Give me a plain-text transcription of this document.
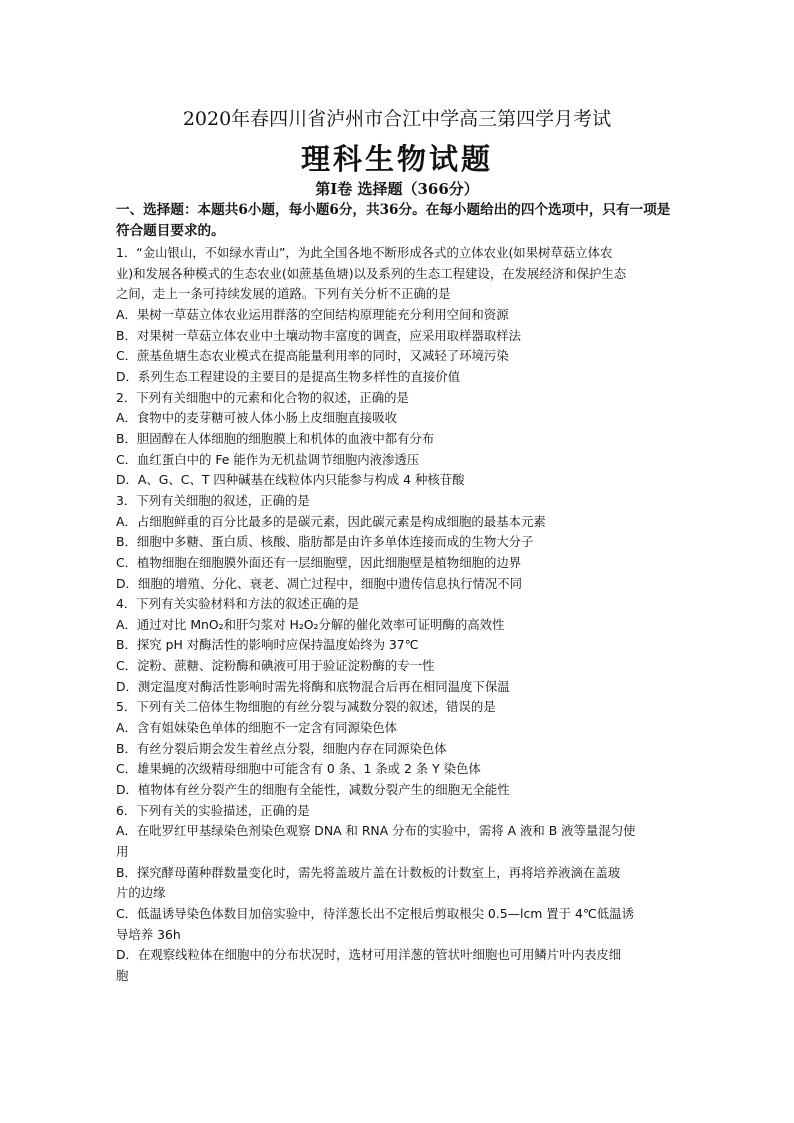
2020年春四川省泸州市合江中学高三第四学月考试
理科生物试题
第I卷 选择题（366分）
一、选择题：本题共6小题，每小题6分，共36分。在每小题给出的四个选项中，只有一项是符合题目要求的。
1．“金山银山，不如绿水青山”，为此全国各地不断形成各式的立体农业(如果树草菇立体农
业)和发展各种模式的生态农业(如蔗基鱼塘)以及系列的生态工程建设，在发展经济和保护生态
之间，走上一条可持续发展的道路。下列有关分析不正确的是
A．果树一草菇立体农业运用群落的空间结构原理能充分利用空间和资源
B．对果树一草菇立体农业中土壤动物丰富度的调查，应采用取样器取样法
C．蔗基鱼塘生态农业模式在提高能量利用率的同时，又减轻了环境污染
D．系列生态工程建设的主要目的是提高生物多样性的直接价值
2．下列有关细胞中的元素和化合物的叙述，正确的是
A．食物中的麦芽糖可被人体小肠上皮细胞直接吸收
B．胆固醇在人体细胞的细胞膜上和机体的血液中都有分布
C．血红蛋白中的 Fe 能作为无机盐调节细胞内液渗透压
D．A、G、C、T 四种碱基在线粒体内只能参与构成 4 种核苷酸
3．下列有关细胞的叙述，正确的是
A．占细胞鲜重的百分比最多的是碳元素，因此碳元素是构成细胞的最基本元素
B．细胞中多糖、蛋白质、核酸、脂肪都是由许多单体连接而成的生物大分子
C．植物细胞在细胞膜外面还有一层细胞壁，因此细胞壁是植物细胞的边界
D．细胞的增殖、分化、衰老、凋亡过程中，细胞中遗传信息执行情况不同
4．下列有关实验材料和方法的叙述正确的是
A．通过对比 MnO₂和肝匀浆对 H₂O₂分解的催化效率可证明酶的高效性
B．探究 pH 对酶活性的影响时应保持温度始终为 37℃
C．淀粉、蔗糖、淀粉酶和碘液可用于验证淀粉酶的专一性
D．测定温度对酶活性影响时需先将酶和底物混合后再在相同温度下保温
5．下列有关二倍体生物细胞的有丝分裂与减数分裂的叙述，错误的是
A．含有姐妹染色单体的细胞不一定含有同源染色体
B．有丝分裂后期会发生着丝点分裂，细胞内存在同源染色体
C．雄果蝇的次级精母细胞中可能含有 0 条、1 条或 2 条 Y 染色体
D．植物体有丝分裂产生的细胞有全能性，减数分裂产生的细胞无全能性
6．下列有关的实验描述，正确的是
A．在吡罗红甲基绿染色剂染色观察 DNA 和 RNA 分布的实验中，需将 A 液和 B 液等量混匀使
用
B．探究酵母菌种群数量变化时，需先将盖玻片盖在计数板的计数室上，再将培养液滴在盖玻
片的边缘
C．低温诱导染色体数目加倍实验中，待洋葱长出不定根后剪取根尖 0.5—lcm 置于 4℃低温诱
导培养 36h
D．在观察线粒体在细胞中的分布状况时，选材可用洋葱的管状叶细胞也可用鳞片叶内表皮细
胞
